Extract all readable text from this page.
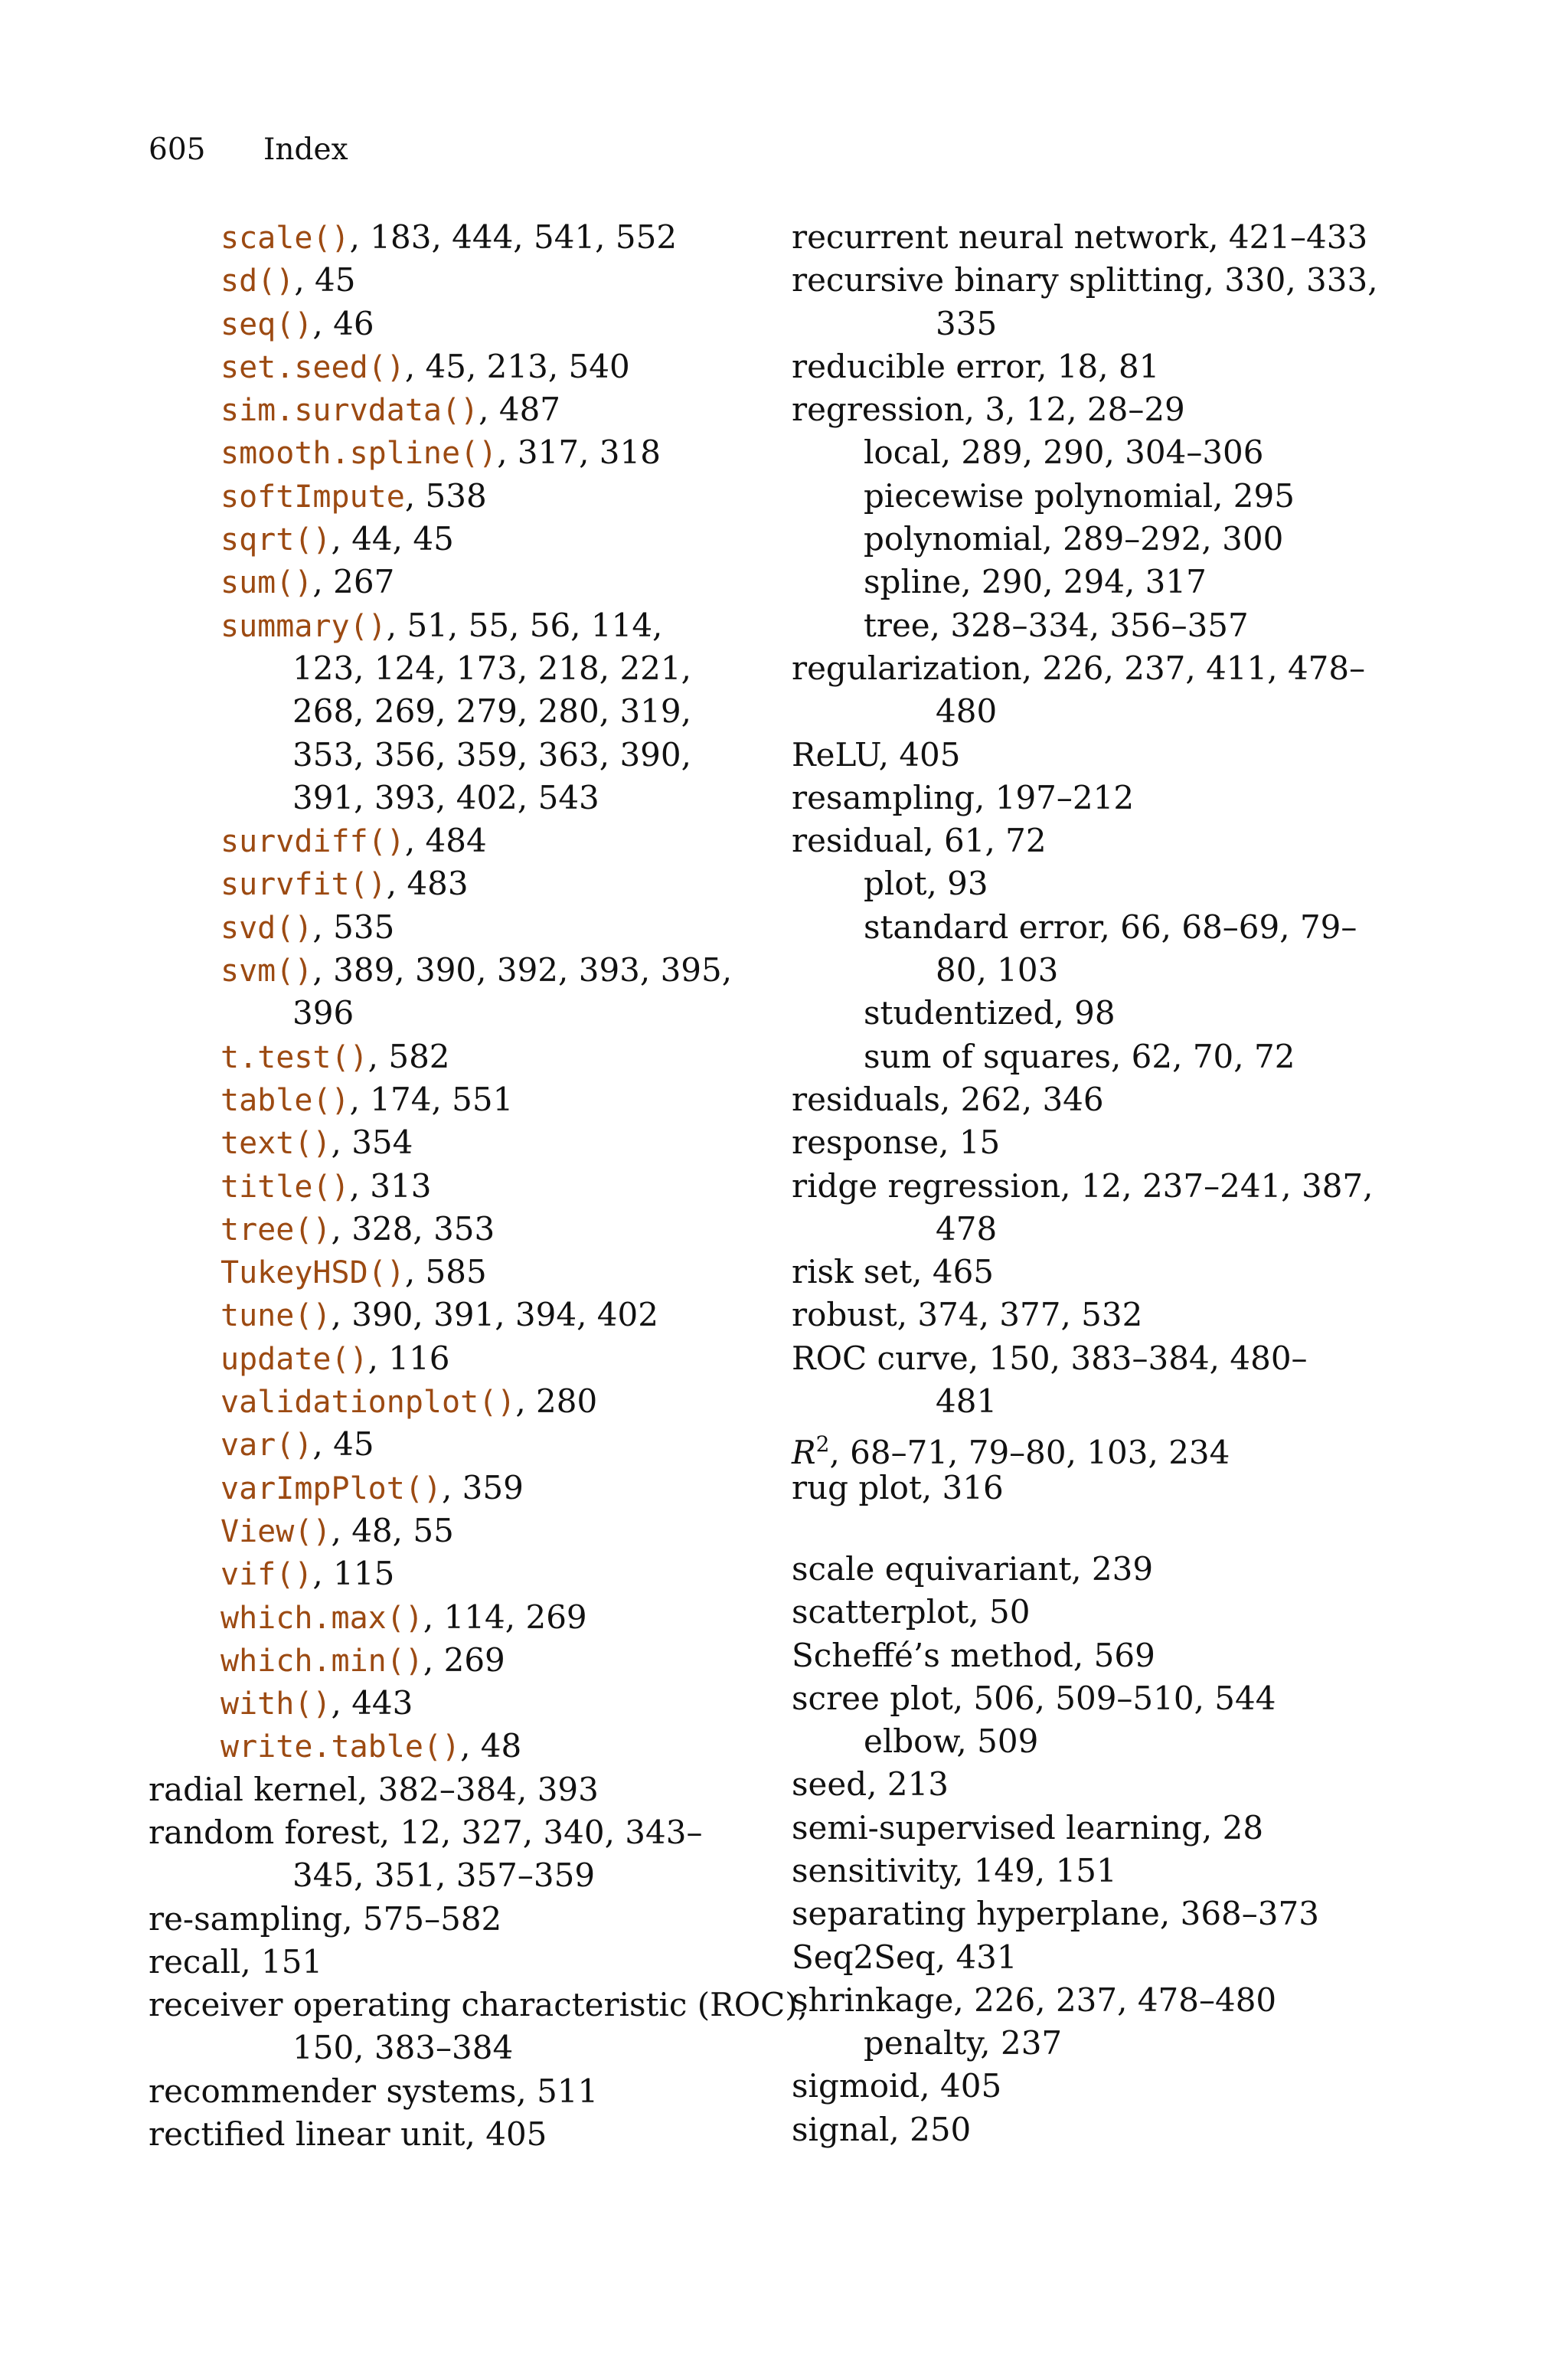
605 Index
scale(), 183, 444, 541, 552
sd(), 45
seq(), 46
set.seed(), 45, 213, 540
sim.survdata(), 487
smooth.spline(), 317, 318
softImpute, 538
sqrt(), 44, 45
sum(), 267
summary(), 51, 55, 56, 114,
123, 124, 173, 218, 221,
268, 269, 279, 280, 319,
353, 356, 359, 363, 390,
391, 393, 402, 543
survdiff(), 484
survfit(), 483
svd(), 535
svm(), 389, 390, 392, 393, 395,
396
t.test(), 582
table(), 174, 551
text(), 354
title(), 313
tree(), 328, 353
TukeyHSD(), 585
tune(), 390, 391, 394, 402
update(), 116
validationplot(), 280
var(), 45
varImpPlot(), 359
View(), 48, 55
vif(), 115
which.max(), 114, 269
which.min(), 269
with(), 443
write.table(), 48
radial kernel, 382–384, 393
random forest, 12, 327, 340, 343–
345, 351, 357–359
re-sampling, 575–582
recall, 151
receiver operating characteristic (ROC),
150, 383–384
recommender systems, 511
rectified linear unit, 405
recurrent neural network, 421–433
recursive binary splitting, 330, 333,
335
reducible error, 18, 81
regression, 3, 12, 28–29
local, 289, 290, 304–306
piecewise polynomial, 295
polynomial, 289–292, 300
spline, 290, 294, 317
tree, 328–334, 356–357
regularization, 226, 237, 411, 478–
480
ReLU, 405
resampling, 197–212
residual, 61, 72
plot, 93
standard error, 66, 68–69, 79–
80, 103
studentized, 98
sum of squares, 62, 70, 72
residuals, 262, 346
response, 15
ridge regression, 12, 237–241, 387,
478
risk set, 465
robust, 374, 377, 532
ROC curve, 150, 383–384, 480–
481
$R^2$, 68–71, 79–80, 103, 234
rug plot, 316
scale equivariant, 239
scatterplot, 50
Scheffé’s method, 569
scree plot, 506, 509–510, 544
elbow, 509
seed, 213
semi-supervised learning, 28
sensitivity, 149, 151
separating hyperplane, 368–373
Seq2Seq, 431
shrinkage, 226, 237, 478–480
penalty, 237
sigmoid, 405
signal, 250
